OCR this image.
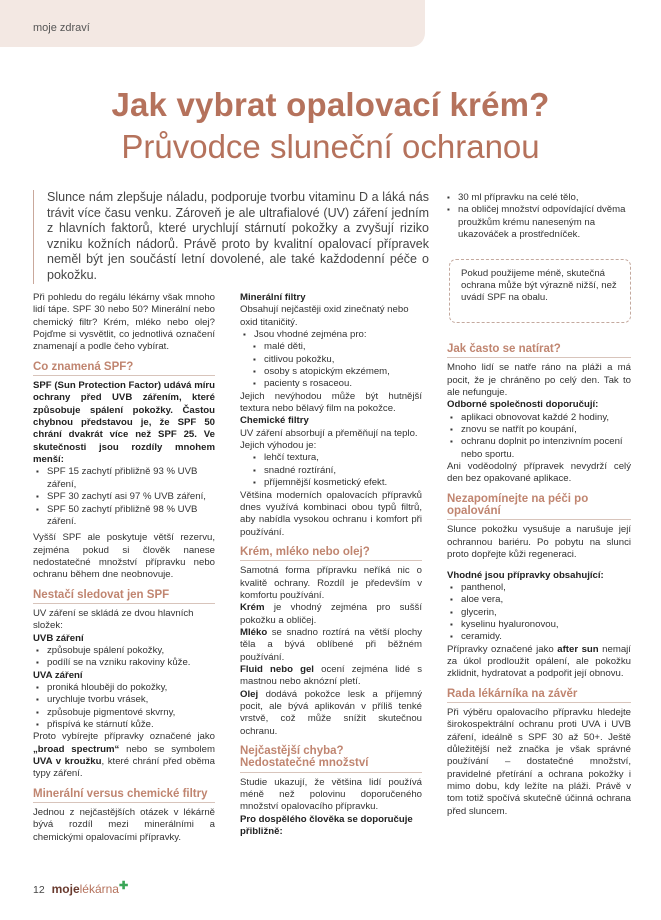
moje zdraví
Jak vybrat opalovací krém?
Průvodce sluneční ochranou
Slunce nám zlepšuje náladu, podporuje tvorbu vitaminu D a láká nás trávit více času venku. Zároveň je ale ultrafialové (UV) záření jedním z hlavních faktorů, které urychlují stárnutí pokožky a zvyšují riziko vzniku kožních nádorů. Právě proto by kvalitní opalovací přípravek neměl být jen součástí letní dovolené, ale také každodenní péče o pokožku.
▪ 30 ml přípravku na celé tělo,
▪ na obličej množství odpovídající dvěma proužkům krému naneseným na ukazováček a prostředníček.
Pokud použijeme méně, skutečná ochrana může být výrazně nižší, než uvádí SPF na obalu.

Při pohledu do regálu lékárny však mnoho lidí tápe. SPF 30 nebo 50? Minerální nebo chemický filtr? Krém, mléko nebo olej? Pojďme si vysvětlit, co jednotlivá označení znamenají a podle čeho vybírat.

Co znamená SPF?

SPF (Sun Protection Factor) udává míru ochrany před UVB zářením, které způsobuje spálení pokožky. Častou chybnou představou je, že SPF 50 chrání dvakrát více než SPF 25. Ve skutečnosti jsou rozdíly mnohem menší:

▪ SPF 15 zachytí přibližně 93 % UVB záření,
▪ SPF 30 zachytí asi 97 % UVB záření,
▪ SPF 50 zachytí přibližně 98 % UVB záření.

Vyšší SPF ale poskytuje větší rezervu, zejména pokud si člověk nanese nedostatečné množství přípravku nebo ochranu během dne neobnovuje.

Nestačí sledovat jen SPF

UV záření se skládá ze dvou hlavních složek:

UVB záření
▪ způsobuje spálení pokožky,
▪ podílí se na vzniku rakoviny kůže.
UVA záření
▪ proniká hlouběji do pokožky,
▪ urychluje tvorbu vrásek,
▪ způsobuje pigmentové skvrny,
▪ přispívá ke stárnutí kůže.

Proto vybírejte přípravky označené jako „broad spectrum“ nebo se symbolem UVA v kroužku, které chrání před oběma typy záření.

Minerální versus chemické filtry

Jednou z nejčastějších otázek v lékárně bývá rozdíl mezi minerálními a chemickými opalovacími přípravky.

Minerální filtry

Obsahují nejčastěji oxid zinečnatý nebo oxid titaničitý.

▪ Jsou vhodné zejména pro:
▪ malé děti,
▪ citlivou pokožku,
▪ osoby s atopickým ekzémem,
▪ pacienty s rosaceou.

Jejich nevýhodou může být hutnější textura nebo bělavý film na pokožce.

Chemické filtry

UV záření absorbují a přeměňují na teplo. Jejich výhodou je:

▪ lehčí textura,
▪ snadné roztírání,
▪ příjemnější kosmetický efekt.

Většina moderních opalovacích přípravků dnes využívá kombinaci obou typů filtrů, aby nabídla vysokou ochranu i komfort při používání.

Krém, mléko nebo olej?

Samotná forma přípravku neříká nic o kvalitě ochrany. Rozdíl je především v komfortu používání.

Krém je vhodný zejména pro sušší pokožku a obličej.

Mléko se snadno roztírá na větší plochy těla a bývá oblíbené při běžném používání.

Fluid nebo gel ocení zejména lidé s mastnou nebo aknózní pletí.

Olej dodává pokožce lesk a příjemný pocit, ale bývá aplikován v příliš tenké vrstvě, což může snížit skutečnou ochranu.

Nejčastější chyba?
Nedostatečné množství

Studie ukazují, že většina lidí používá méně než polovinu doporučeného množství opalovacího přípravku.

Pro dospělého člověka se doporučuje přibližně:

Jak často se natírat?

Mnoho lidí se natře ráno na pláži a má pocit, že je chráněno po celý den. Tak to ale nefunguje.

Odborné společnosti doporučují:
▪ aplikaci obnovovat každé 2 hodiny,
▪ znovu se natřít po koupání,
▪ ochranu doplnit po intenzivním pocení nebo sportu.

Ani voděodolný přípravek nevydrží celý den bez opakované aplikace.

Nezapomínejte na péči po
opalování

Slunce pokožku vysušuje a narušuje její ochrannou bariéru. Po pobytu na slunci proto dopřejte kůži regeneraci.

Vhodné jsou přípravky obsahující:
▪ panthenol,
▪ aloe vera,
▪ glycerin,
▪ kyselinu hyaluronovou,
▪ ceramidy.

Přípravky označené jako after sun nemají za úkol prodloužit opálení, ale pokožku zklidnit, hydratovat a podpořit její obnovu.

Rada lékárníka na závěr

Při výběru opalovacího přípravku hledejte širokospektrální ochranu proti UVA i UVB záření, ideálně s SPF 30 až 50+. Ještě důležitější než značka je však správné používání – dostatečné množství, pravidelné přetírání a ochrana pokožky i mimo dobu, kdy ležíte na pláži. Právě v tom totiž spočívá skutečně účinná ochrana před sluncem.

12 mojelékárna✚
